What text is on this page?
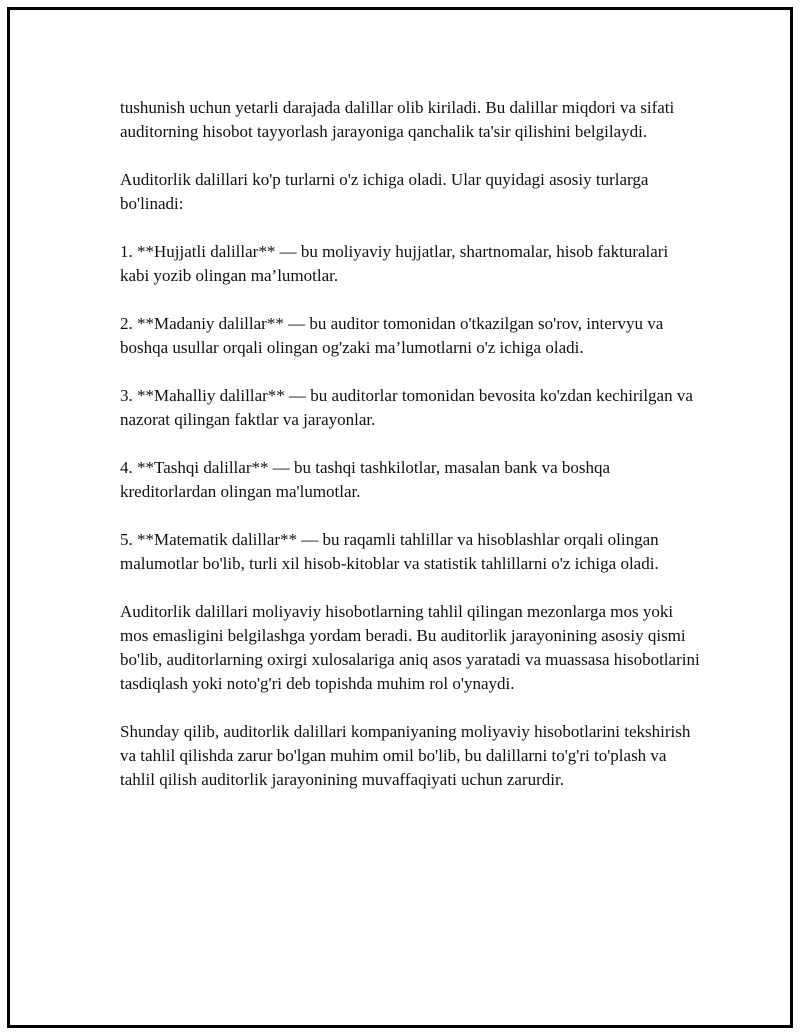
tushunish uchun yetarli darajada dalillar olib kiriladi. Bu dalillar miqdori va sifati auditorning hisobot tayyorlash jarayoniga qanchalik ta'sir qilishini belgilaydi.

Auditorlik dalillari ko'p turlarni o'z ichiga oladi. Ular quyidagi asosiy turlarga bo'linadi:

1. **Hujjatli dalillar** — bu moliyaviy hujjatlar, shartnomalar, hisob fakturalari kabi yozib olingan ma’lumotlar.

2. **Madaniy dalillar** — bu auditor tomonidan o'tkazilgan so'rov, intervyu va boshqa usullar orqali olingan og'zaki ma’lumotlarni o'z ichiga oladi.

3. **Mahalliy dalillar** — bu auditorlar tomonidan bevosita ko'zdan kechirilgan va nazorat qilingan faktlar va jarayonlar.

4. **Tashqi dalillar** — bu tashqi tashkilotlar, masalan bank va boshqa kreditorlardan olingan ma'lumotlar.

5. **Matematik dalillar** — bu raqamli tahlillar va hisoblashlar orqali olingan malumotlar bo'lib, turli xil hisob-kitoblar va statistik tahlillarni o'z ichiga oladi.

Auditorlik dalillari moliyaviy hisobotlarning tahlil qilingan mezonlarga mos yoki mos emasligini belgilashga yordam beradi. Bu auditorlik jarayonining asosiy qismi bo'lib, auditorlarning oxirgi xulosalariga aniq asos yaratadi va muassasa hisobotlarini tasdiqlash yoki noto'g'ri deb topishda muhim rol o'ynaydi.

Shunday qilib, auditorlik dalillari kompaniyaning moliyaviy hisobotlarini tekshirish va tahlil qilishda zarur bo'lgan muhim omil bo'lib, bu dalillarni to'g'ri to'plash va tahlil qilish auditorlik jarayonining muvaffaqiyati uchun zarurdir.
